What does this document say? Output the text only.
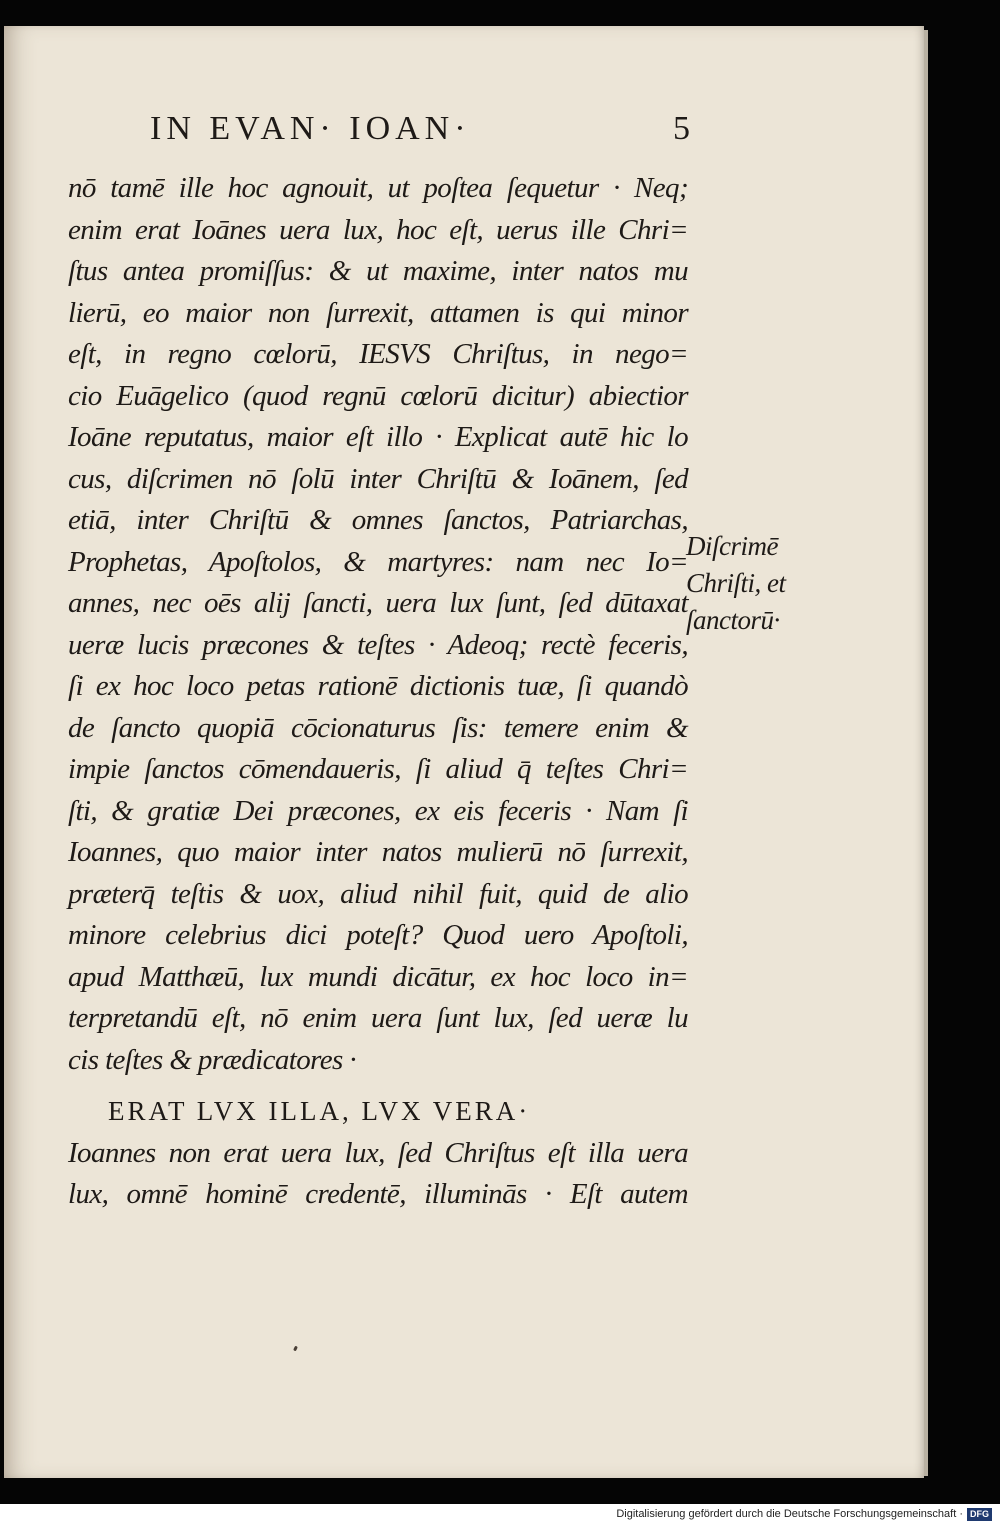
IN EVAN· IOAN·	5
nō tamē ille hoc agnouit, ut poſtea ſequetur · Neq;
enim erat Ioānes uera lux, hoc eſt, uerus ille Chri=
ſtus antea promiſſus: & ut maxime, inter natos mu
lierū, eo maior non ſurrexit, attamen is qui minor
eſt, in regno cœlorū, IESVS Chriſtus, in nego=
cio Euāgelico (quod regnū cœlorū dicitur) abiectior
Ioāne reputatus, maior eſt illo · Explicat autē hic lo
cus, diſcrimen nō ſolū inter Chriſtū & Ioānem, ſed
etiā, inter Chriſtū & omnes ſanctos, Patriarchas,
Prophetas, Apoſtolos, & martyres: nam nec Io=
annes, nec oēs alij ſancti, uera lux ſunt, ſed dūtaxat
ueræ lucis præcones & teſtes · Adeoq; rectè feceris,
ſi ex hoc loco petas rationē dictionis tuæ, ſi quandò
de ſancto quopiā cōcionaturus ſis: temere enim &
impie ſanctos cōmendaueris, ſi aliud q̄ teſtes Chri=
ſti, & gratiæ Dei præcones, ex eis feceris · Nam ſi
Ioannes, quo maior inter natos mulierū nō ſurrexit,
præterq̄ teſtis & uox, aliud nihil fuit, quid de alio
minore celebrius dici poteſt? Quod uero Apoſtoli,
apud Matthæū, lux mundi dicātur, ex hoc loco in=
terpretandū eſt, nō enim uera ſunt lux, ſed ueræ lu
cis teſtes & prædicatores ·
ERAT LVX ILLA, LVX VERA·
Ioannes non erat uera lux, ſed Chriſtus eſt illa uera
lux, omnē hominē credentē, illuminās · Eſt autem
Diſcrimē
Chriſti, et
ſanctorū·
Digitalisierung gefördert durch die Deutsche Forschungsgemeinschaft · DFG
